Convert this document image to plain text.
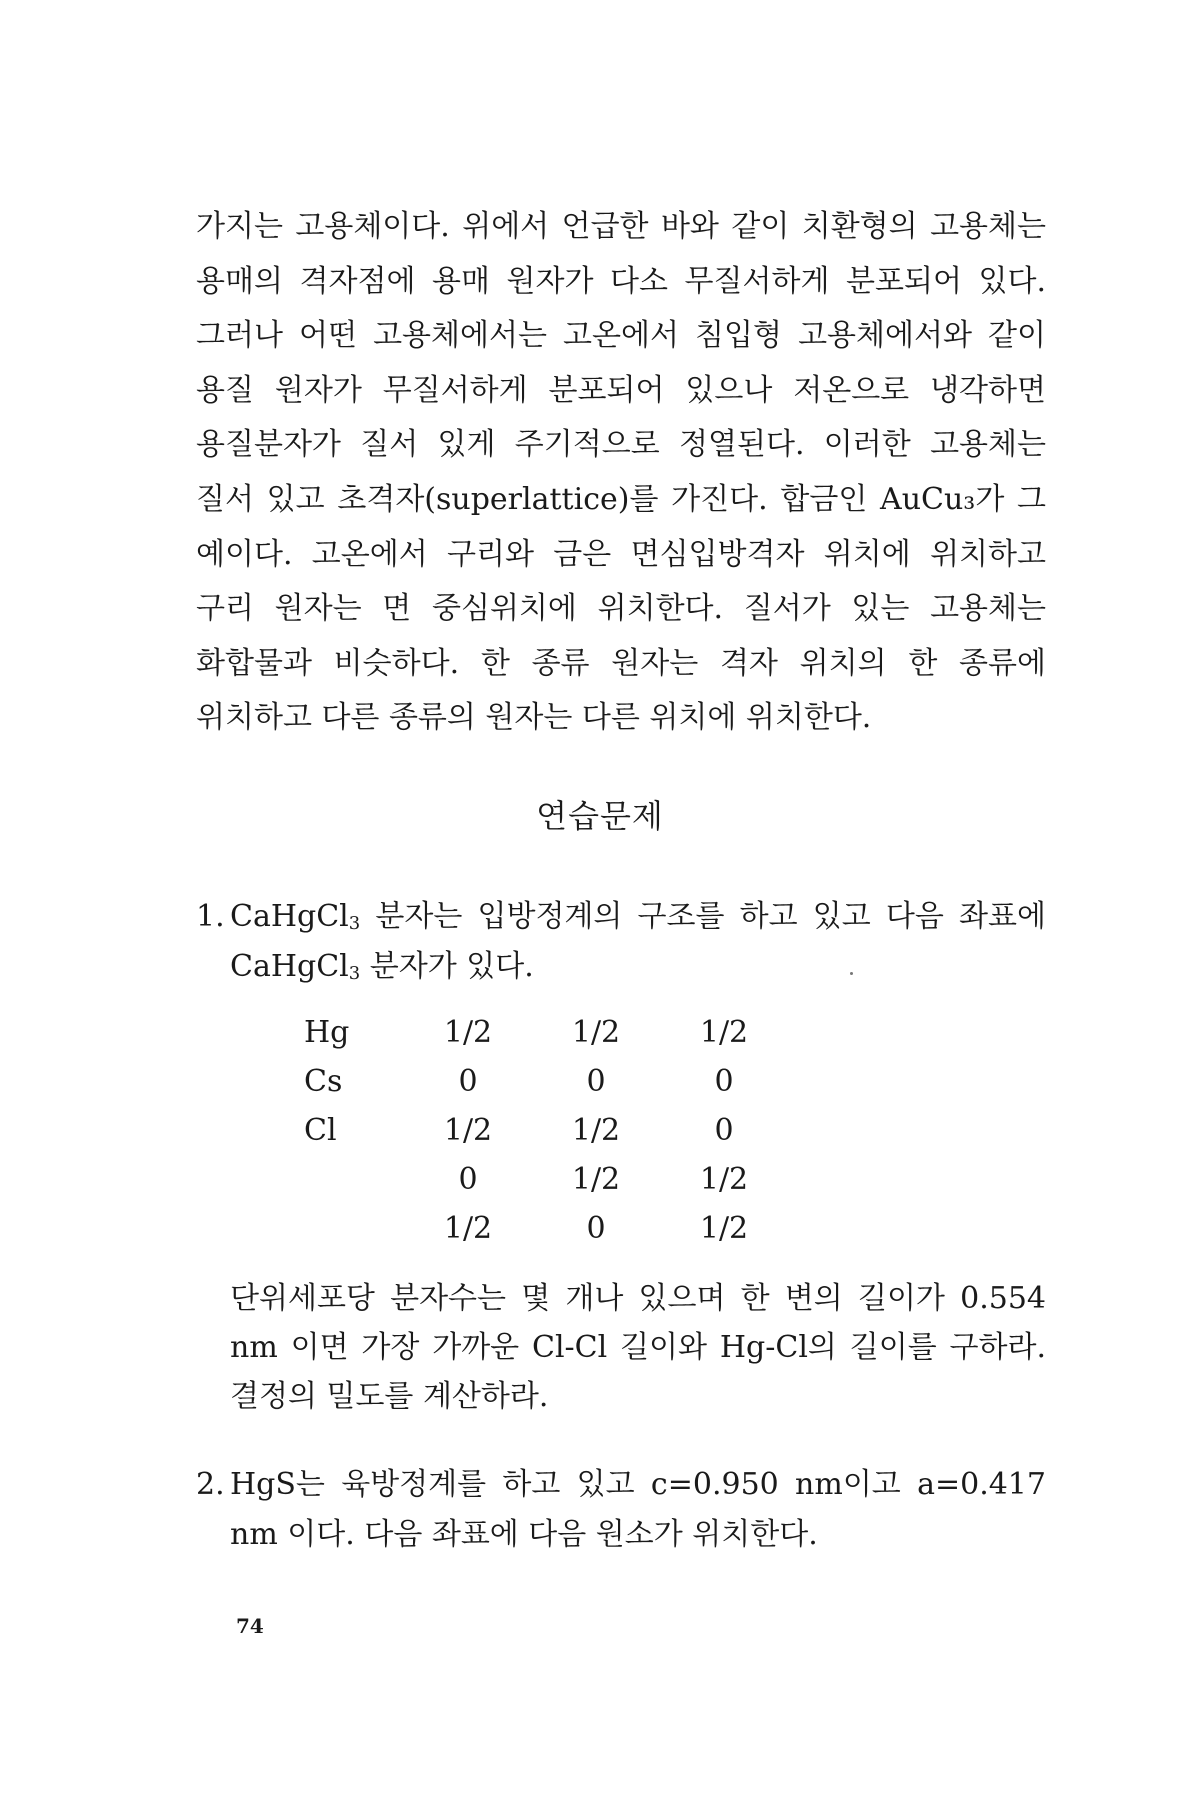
가지는 고용체이다. 위에서 언급한 바와 같이 치환형의 고용체는 용매의 격자점에 용매 원자가 다소 무질서하게 분포되어 있다. 그러나 어떤 고용체에서는 고온에서 침입형 고용체에서와 같이 용질 원자가 무질서하게 분포되어 있으나 저온으로 냉각하면 용질분자가 질서 있게 주기적으로 정열된다. 이러한 고용체는 질서 있고 초격자(superlattice)를 가진다. 합금인 AuCu₃가 그 예이다. 고온에서 구리와 금은 면심입방격자 위치에 위치하고 구리 원자는 면 중심위치에 위치한다. 질서가 있는 고용체는 화합물과 비슷하다. 한 종류 원자는 격자 위치의 한 종류에 위치하고 다른 종류의 원자는 다른 위치에 위치한다.

연습문제
1. CaHgCl$_3$ 분자는 입방정계의 구조를 하고 있고 다음 좌표에 CaHgCl$_3$ 분자가 있다.
Hg	1/2	1/2	1/2
Cs	0	0	0
Cl	1/2	1/2	0
	0	1/2	1/2
	1/2	0	1/2

단위세포당 분자수는 몇 개나 있으며 한 변의 길이가 0.554 nm 이면 가장 가까운 Cl-Cl 길이와 Hg-Cl의 길이를 구하라. 결정의 밀도를 계산하라.

2. HgS는 육방정계를 하고 있고 c=0.950 nm이고 a=0.417 nm 이다. 다음 좌표에 다음 원소가 위치한다.

74
